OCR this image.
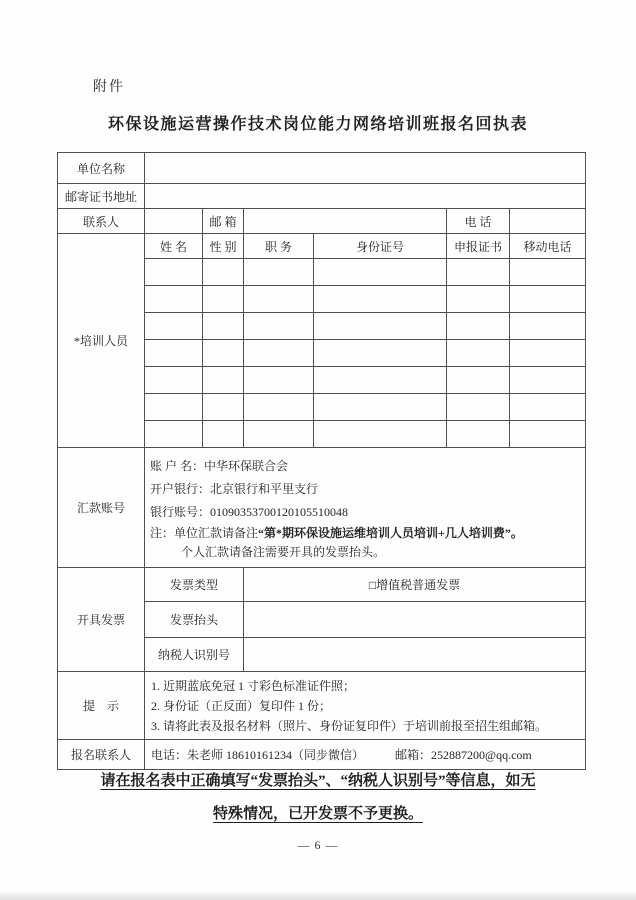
附件
环保设施运营操作技术岗位能力网络培训班报名回执表
单位名称						
邮寄证书地址						
联系人		邮 箱			电 话	
*培训人员	姓 名	性 别	职 务	身份证号	申报证书	移动电话

汇款账号	账 户 名：中华环保联合会
开户银行：北京银行和平里支行
银行账号：01090353700120105510048
注：单位汇款请备注“第*期环保设施运维培训人员培训+几人培训费”。
个人汇款请备注需要开具的发票抬头。					

开具发票	发票类型		□增值税普通发票			
	发票抬头					
	纳税人识别号					
提　示	1. 近期蓝底免冠 1 寸彩色标准证件照；
2. 身份证（正反面）复印件 1 份；
3. 请将此表及报名材料（照片、身份证复印件）于培训前报至招生组邮箱。					

报名联系人	电话：朱老师 18610161234（同步微信） 邮箱：252887200@qq.com					
请在报名表中正确填写“发票抬头”、“纳税人识别号”等信息，如无
特殊情况，已开发票不予更换。
— 6 —
